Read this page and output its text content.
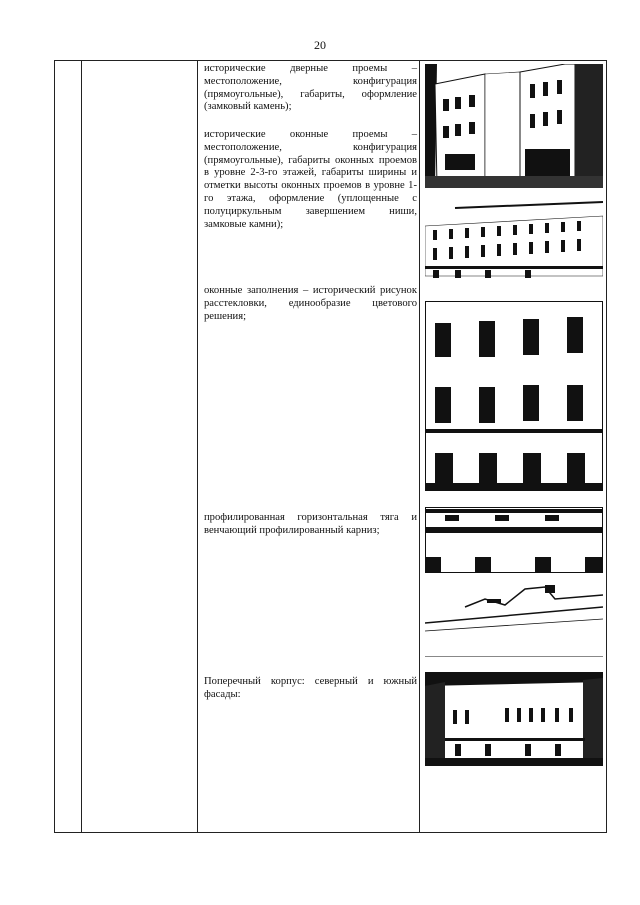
20
исторические дверные проемы – местоположение, конфигурация (прямоугольные), габариты, оформление (замковый камень);
исторические оконные проемы – местоположение, конфигурация (прямоугольные), габариты оконных проемов в уровне 2-3-го этажей, габариты ширины и отметки высоты оконных проемов в уровне 1-го этажа, оформление (уплощенные с полуциркульным завершением ниши, замковые камни);
оконные заполнения – исторический рисунок расстекловки, единообразие цветового решения;
профилированная горизонтальная тяга и венчающий профилированный карниз;
Поперечный корпус: северный и южный фасады:
